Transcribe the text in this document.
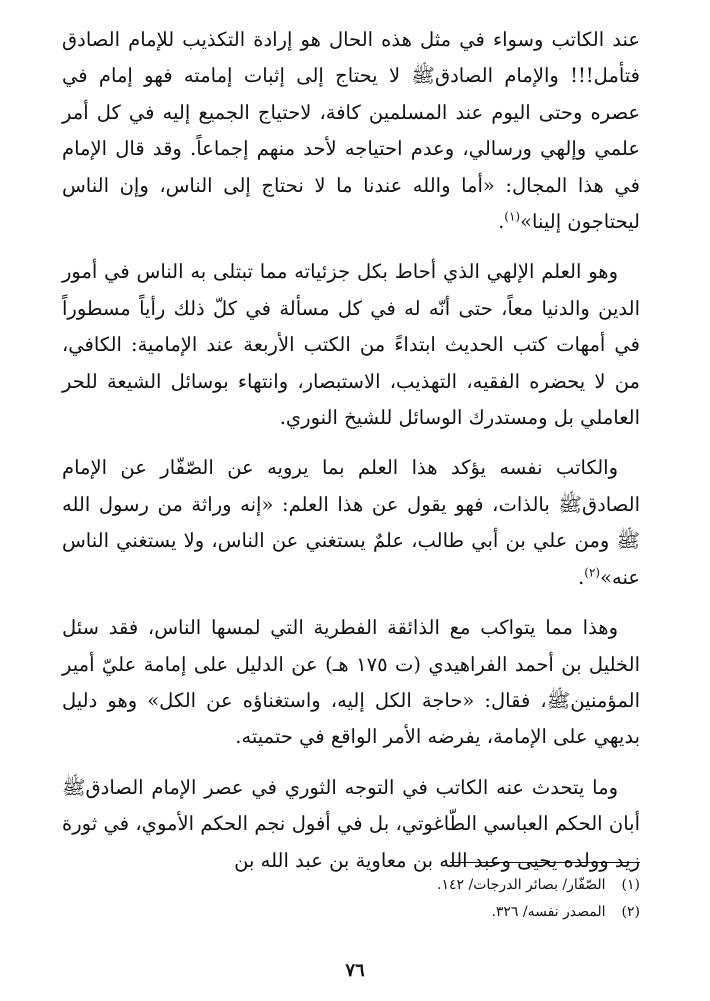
عند الكاتب وسواء في مثل هذه الحال هو إرادة التكذيب للإمام الصادق فتأمل!!! والإمام الصادقﷺ لا يحتاج إلى إثبات إمامته فهو إمام في عصره وحتى اليوم عند المسلمين كافة، لاحتياج الجميع إليه في كل أمر علمي وإلهي ورسالي، وعدم احتياجه لأحد منهم إجماعاً. وقد قال الإمام في هذا المجال: «أما والله عندنا ما لا نحتاج إلى الناس، وإن الناس ليحتاجون إلينا»$^{(١)}$.

وهو العلم الإلهي الذي أحاط بكل جزئياته مما تبتلى به الناس في أمور الدين والدنيا معاً، حتى أنّه له في كل مسألة في كلّ ذلك رأياً مسطوراً في أمهات كتب الحديث ابتداءً من الكتب الأربعة عند الإمامية: الكافي، من لا يحضره الفقيه، التهذيب، الاستبصار، وانتهاء بوسائل الشيعة للحر العاملي بل ومستدرك الوسائل للشيخ النوري.

والكاتب نفسه يؤكد هذا العلم بما يرويه عن الصّفّار عن الإمام الصادقﷺ بالذات، فهو يقول عن هذا العلم: «إنه وراثة من رسول الله ﷺ ومن علي بن أبي طالب، علمٌ يستغني عن الناس، ولا يستغني الناس عنه»$^{(٢)}$.

وهذا مما يتواكب مع الذائقة الفطرية التي لمسها الناس، فقد سئل الخليل بن أحمد الفراهيدي (ت ١٧٥ هـ) عن الدليل على إمامة عليّ أمير المؤمنينﷺ، فقال: «حاجة الكل إليه، واستغناؤه عن الكل» وهو دليل بديهي على الإمامة، يفرضه الأمر الواقع في حتميته.

وما يتحدث عنه الكاتب في التوجه الثوري في عصر الإمام الصادقﷺ أبان الحكم العباسي الطّاغوتي، بل في أفول نجم الحكم الأموي، في ثورة زيد وولده يحيى وعبد الله بن معاوية بن عبد الله بن

(١) الصّفّار/ بصائر الدرجات/ ١٤٢.
(٢) المصدر نفسه/ ٣٢٦.
٧٦
